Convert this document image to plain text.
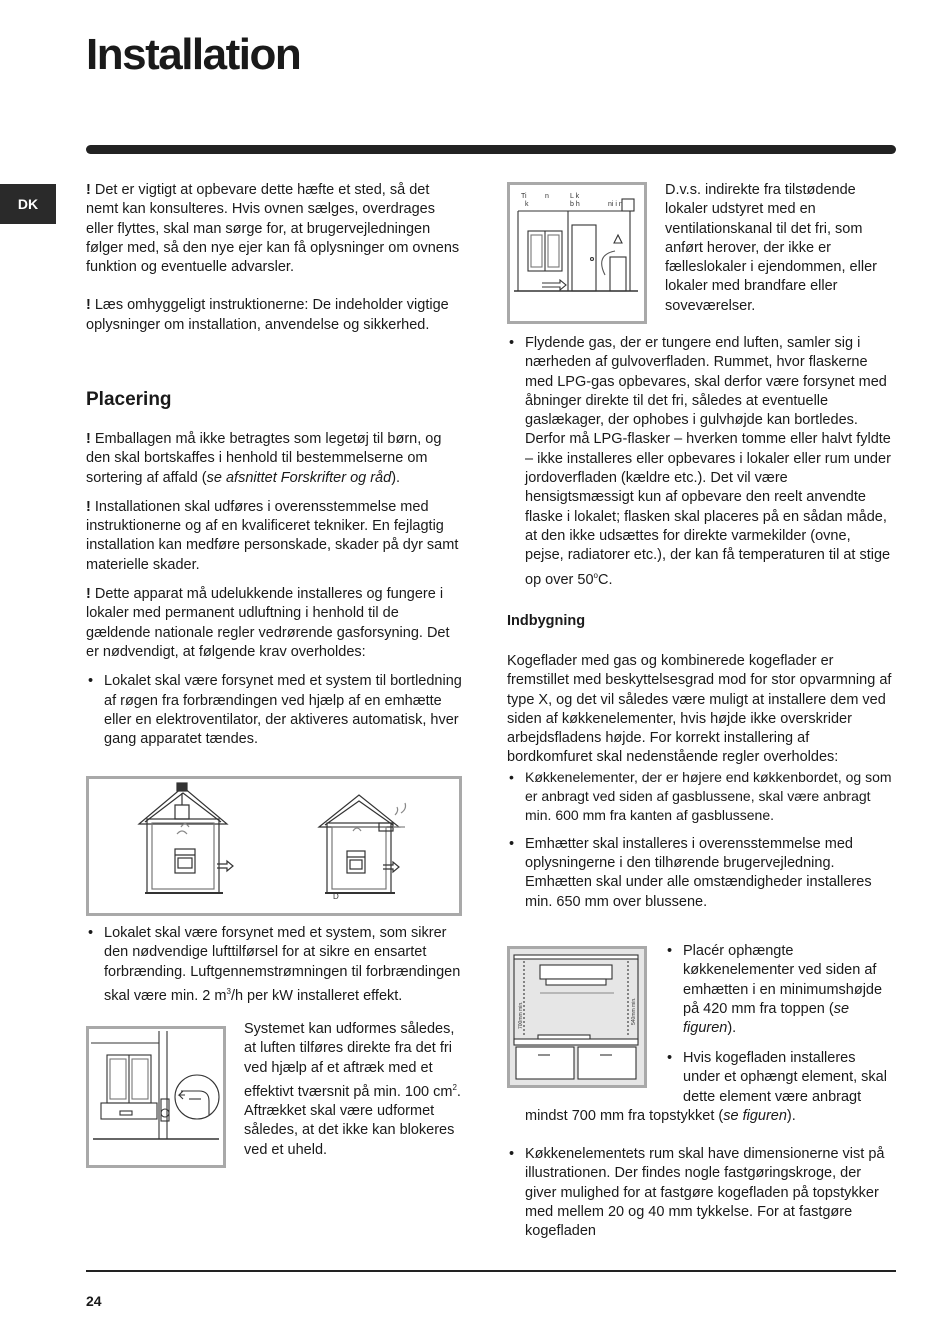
Installation
DK

! Det er vigtigt at opbevare dette hæfte et sted, så det nemt kan konsulteres. Hvis ovnen sælges, overdrages eller flyttes, skal man sørge for, at brugervejledningen følger med, så den nye ejer kan få oplysninger om ovnens funktion og eventuelle advarsler.

! Læs omhyggeligt instruktionerne: De indeholder vigtige oplysninger om installation, anvendelse og sikkerhed.

Placering

! Emballagen må ikke betragtes som legetøj til børn, og den skal bortskaffes i henhold til bestemmelserne om sortering af affald (se afsnittet Forskrifter og råd).

! Installationen skal udføres i overensstemmelse med instruktionerne og af en kvalificeret tekniker. En fejlagtig installation kan medføre personskade, skader på dyr samt materielle skader.

! Dette apparat må udelukkende installeres og fungere i lokaler med permanent udluftning i henhold til de gældende nationale regler vedrørende gasforsyning. Det er nødvendigt, at følgende krav overholdes:

• Lokalet skal være forsynet med et system til bortledning af røgen fra forbrændingen ved hjælp af en emhætte eller en elektroventilator, der aktiveres automatisk, hver gang apparatet tændes.

D

• Lokalet skal være forsynet med et system, som sikrer den nødvendige lufttilførsel for at sikre en ensartet forbrænding. Luftgennemstrømningen til forbrændingen skal være min. 2 $m^3/h$ per kW installeret effekt.

Systemet kan udformes således, at luften tilføres direkte fra det fri ved hjælp af et aftræk med et effektivt tværsnit på min. 100 $cm^2$. Aftrækket skal være udformet således, at det ikke kan blokeres ved et uheld.

Ti	n	L k
k	b h	ni i n

D.v.s. indirekte fra tilstødende lokaler udstyret med en ventilationskanal til det fri, som anført herover, der ikke er fælleslokaler i ejendommen, eller lokaler med brandfare eller soveværelser.

• Flydende gas, der er tungere end luften, samler sig i nærheden af gulvoverfladen. Rummet, hvor flaskerne med LPG-gas opbevares, skal derfor være forsynet med åbninger direkte til det fri, således at eventuelle gaslækager, der ophobes i gulvhøjde kan bortledes. Derfor må LPG-flasker – hverken tomme eller halvt fyldte – ikke installeres eller opbevares i lokaler eller rum under jordoverfladen (kældre etc.). Det vil være hensigtsmæssigt kun af opbevare den reelt anvendte flaske i lokalet; flasken skal placeres på en sådan måde, at den ikke udsættes for direkte varmekilder (ovne, pejse, radiatorer etc.), der kan få temperaturen til at stige op over 50$^o$C.

Indbygning

Kogeflader med gas og kombinerede kogeflader er fremstillet med beskyttelsesgrad mod for stor opvarmning af type X, og det vil således være muligt at installere dem ved siden af køkkenelementer, hvis højde ikke overskrider arbejdsfladens højde. For korrekt installering af bordkomfuret skal nedenstående regler overholdes:

• Køkkenelementer, der er højere end køkkenbordet, og som er anbragt ved siden af gasblussene, skal være anbragt min. 600 mm fra kanten af gasblussene.

• Emhætter skal installeres i overensstemmelse med oplysningerne i den tilhørende brugervejledning. Emhætten skal under alle omstændigheder installeres min. 650 mm over blussene.

700mm min.	540mm min.

• Placér ophængte køkkenelementer ved siden af emhætten i en minimumshøjde på 420 mm fra toppen (se figuren).

• Hvis kogefladen installeres
under et ophængt element, skal
dette element være anbragt

mindst 700 mm fra topstykket (se figuren).

• Køkkenelementets rum skal have dimensionerne vist på illustrationen. Der findes nogle fastgøringskroge, der giver mulighed for at fastgøre kogefladen på topstykker med mellem 20 og 40 mm tykkelse. For at fastgøre kogefladen

24
